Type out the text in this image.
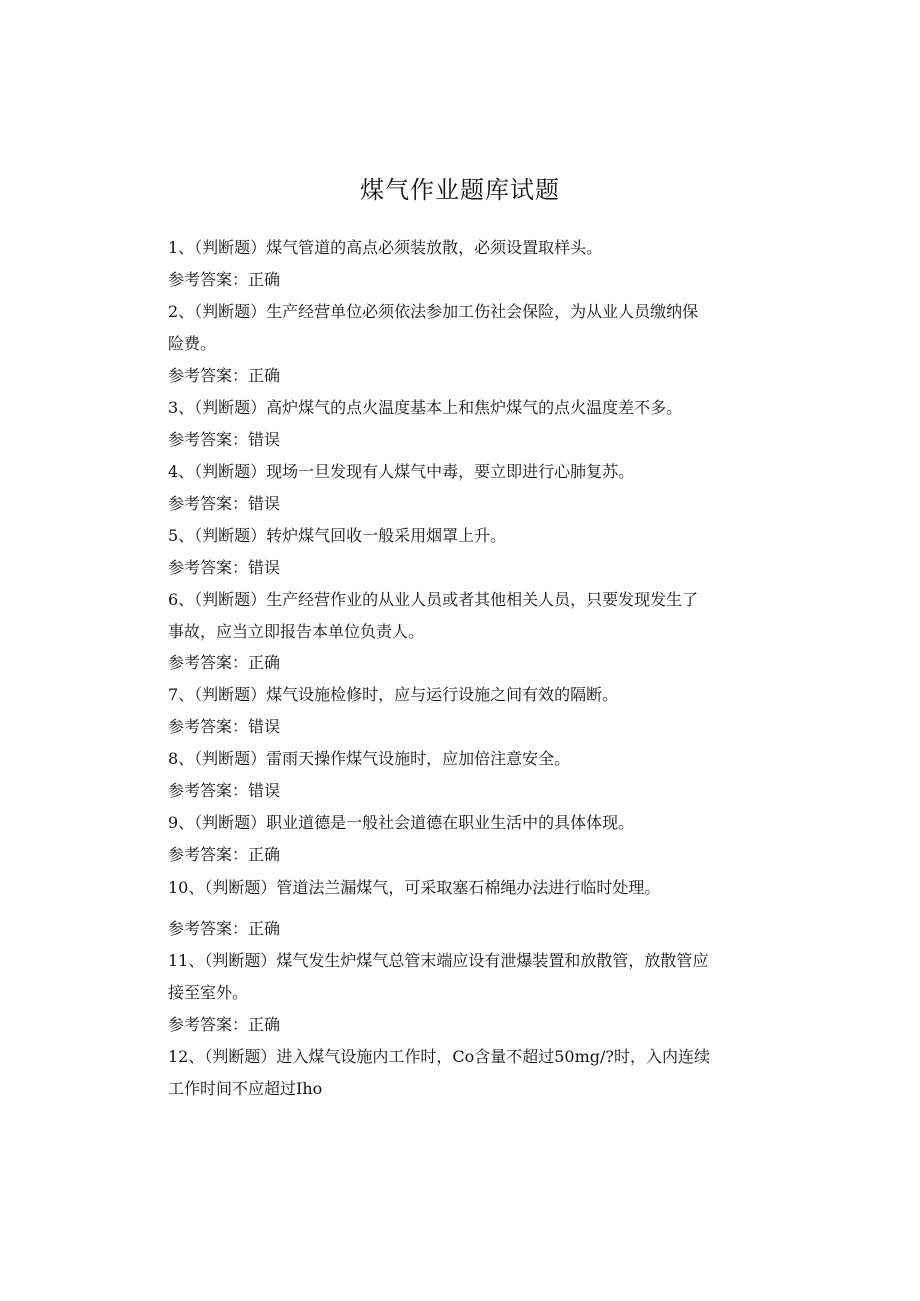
煤气作业题库试题
1、（判断题）煤气管道的高点必须装放散，必须设置取样头。
参考答案：正确
2、（判断题）生产经营单位必须依法参加工伤社会保险，为从业人员缴纳保
险费。
参考答案：正确
3、（判断题）高炉煤气的点火温度基本上和焦炉煤气的点火温度差不多。
参考答案：错误
4、（判断题）现场一旦发现有人煤气中毒，要立即进行心肺复苏。
参考答案：错误
5、（判断题）转炉煤气回收一般采用烟罩上升。
参考答案：错误
6、（判断题）生产经营作业的从业人员或者其他相关人员，只要发现发生了
事故，应当立即报告本单位负责人。
参考答案：正确
7、（判断题）煤气设施检修时，应与运行设施之间有效的隔断。
参考答案：错误
8、（判断题）雷雨天操作煤气设施时，应加倍注意安全。
参考答案：错误
9、（判断题）职业道德是一般社会道德在职业生活中的具体体现。
参考答案：正确
10、（判断题）管道法兰漏煤气，可采取塞石棉绳办法进行临时处理。
参考答案：正确
11、（判断题）煤气发生炉煤气总管末端应设有泄爆装置和放散管，放散管应
接至室外。
参考答案：正确
12、（判断题）进入煤气设施内工作时，Co含量不超过50mg/?时，入内连续
工作时间不应超过Iho
